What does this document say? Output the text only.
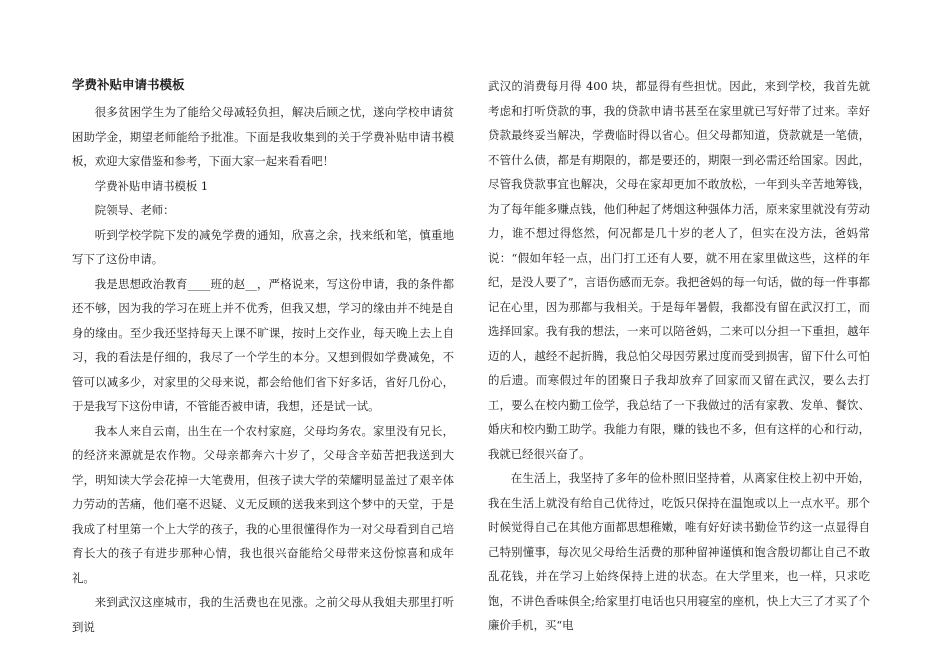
学费补贴申请书模板

很多贫困学生为了能给父母减轻负担，解决后顾之忧，遂向学校申请贫困助学金，期望老师能给予批准。下面是我收集到的关于学费补贴申请书模板，欢迎大家借鉴和参考，下面大家一起来看看吧！

学费补贴申请书模板 1

院领导、老师：

听到学校学院下发的减免学费的通知，欣喜之余，找来纸和笔，慎重地写下了这份申请。

我是思想政治教育____班的赵__，严格说来，写这份申请，我的条件都还不够，因为我的学习在班上并不优秀，但我又想，学习的缘由并不纯是自身的缘由。至少我还坚持每天上课不旷课，按时上交作业，每天晚上去上自习，我的看法是仔细的，我尽了一个学生的本分。又想到假如学费减免，不管可以减多少，对家里的父母来说，都会给他们省下好多话，省好几份心，于是我写下这份申请，不管能否被申请，我想，还是试一试。

我本人来自云南，出生在一个农村家庭，父母均务农。家里没有兄长，的经济来源就是农作物。父母亲都奔六十岁了，父母含辛茹苦把我送到大学，明知读大学会花掉一大笔费用，但孩子读大学的荣耀明显盖过了艰辛体力劳动的苦痛，他们毫不迟疑、义无反顾的送我来到这个梦中的天堂，于是我成了村里第一个上大学的孩子，我的心里很懂得作为一对父母看到自己培育长大的孩子有进步那种心情，我也很兴奋能给父母带来这份惊喜和成年礼。

来到武汉这座城市，我的生活费也在见涨。之前父母从我姐夫那里打听到说

武汉的消费每月得 400 块，都显得有些担忧。因此，来到学校，我首先就考虑和打听贷款的事，我的贷款申请书甚至在家里就已写好带了过来。幸好贷款最终妥当解决，学费临时得以省心。但父母都知道，贷款就是一笔债，不管什么债，都是有期限的，都是要还的，期限一到必需还给国家。因此，尽管我贷款事宜也解决，父母在家却更加不敢放松，一年到头辛苦地筹钱，为了每年能多赚点钱，他们种起了烤烟这种强体力活，原来家里就没有劳动力，谁不想过得悠然，何况都是几十岁的老人了，但实在没方法，爸妈常说：“假如年轻一点，出门打工还有人要，就不用在家里做这些，这样的年纪，是没人要了”，言语伤感而无奈。我把爸妈的每一句话，做的每一件事都记在心里，因为那都与我相关。于是每年暑假，我都没有留在武汉打工，而选择回家。我有我的想法，一来可以陪爸妈，二来可以分担一下重担，越年迈的人，越经不起折腾，我总怕父母因劳累过度而受到损害，留下什么可怕的后遗。而寒假过年的团聚日子我却放弃了回家而又留在武汉，要么去打工，要么在校内勤工俭学，我总结了一下我做过的活有家教、发单、餐饮、婚庆和校内勤工助学。我能力有限，赚的钱也不多，但有这样的心和行动，我就已经很兴奋了。

在生活上，我坚持了多年的俭朴照旧坚持着，从离家住校上初中开始，我在生活上就没有给自己优待过，吃饭只保持在温饱或以上一点水平。那个时候觉得自己在其他方面都思想稚嫩，唯有好好读书勤俭节约这一点显得自己特别懂事，每次见父母给生活费的那种留神谨慎和饱含殷切都让自己不敢乱花钱，并在学习上始终保持上进的状态。在大学里来，也一样，只求吃饱，不讲色香味俱全;给家里打电话也只用寝室的座机，快上大三了才买了个廉价手机，买“电
